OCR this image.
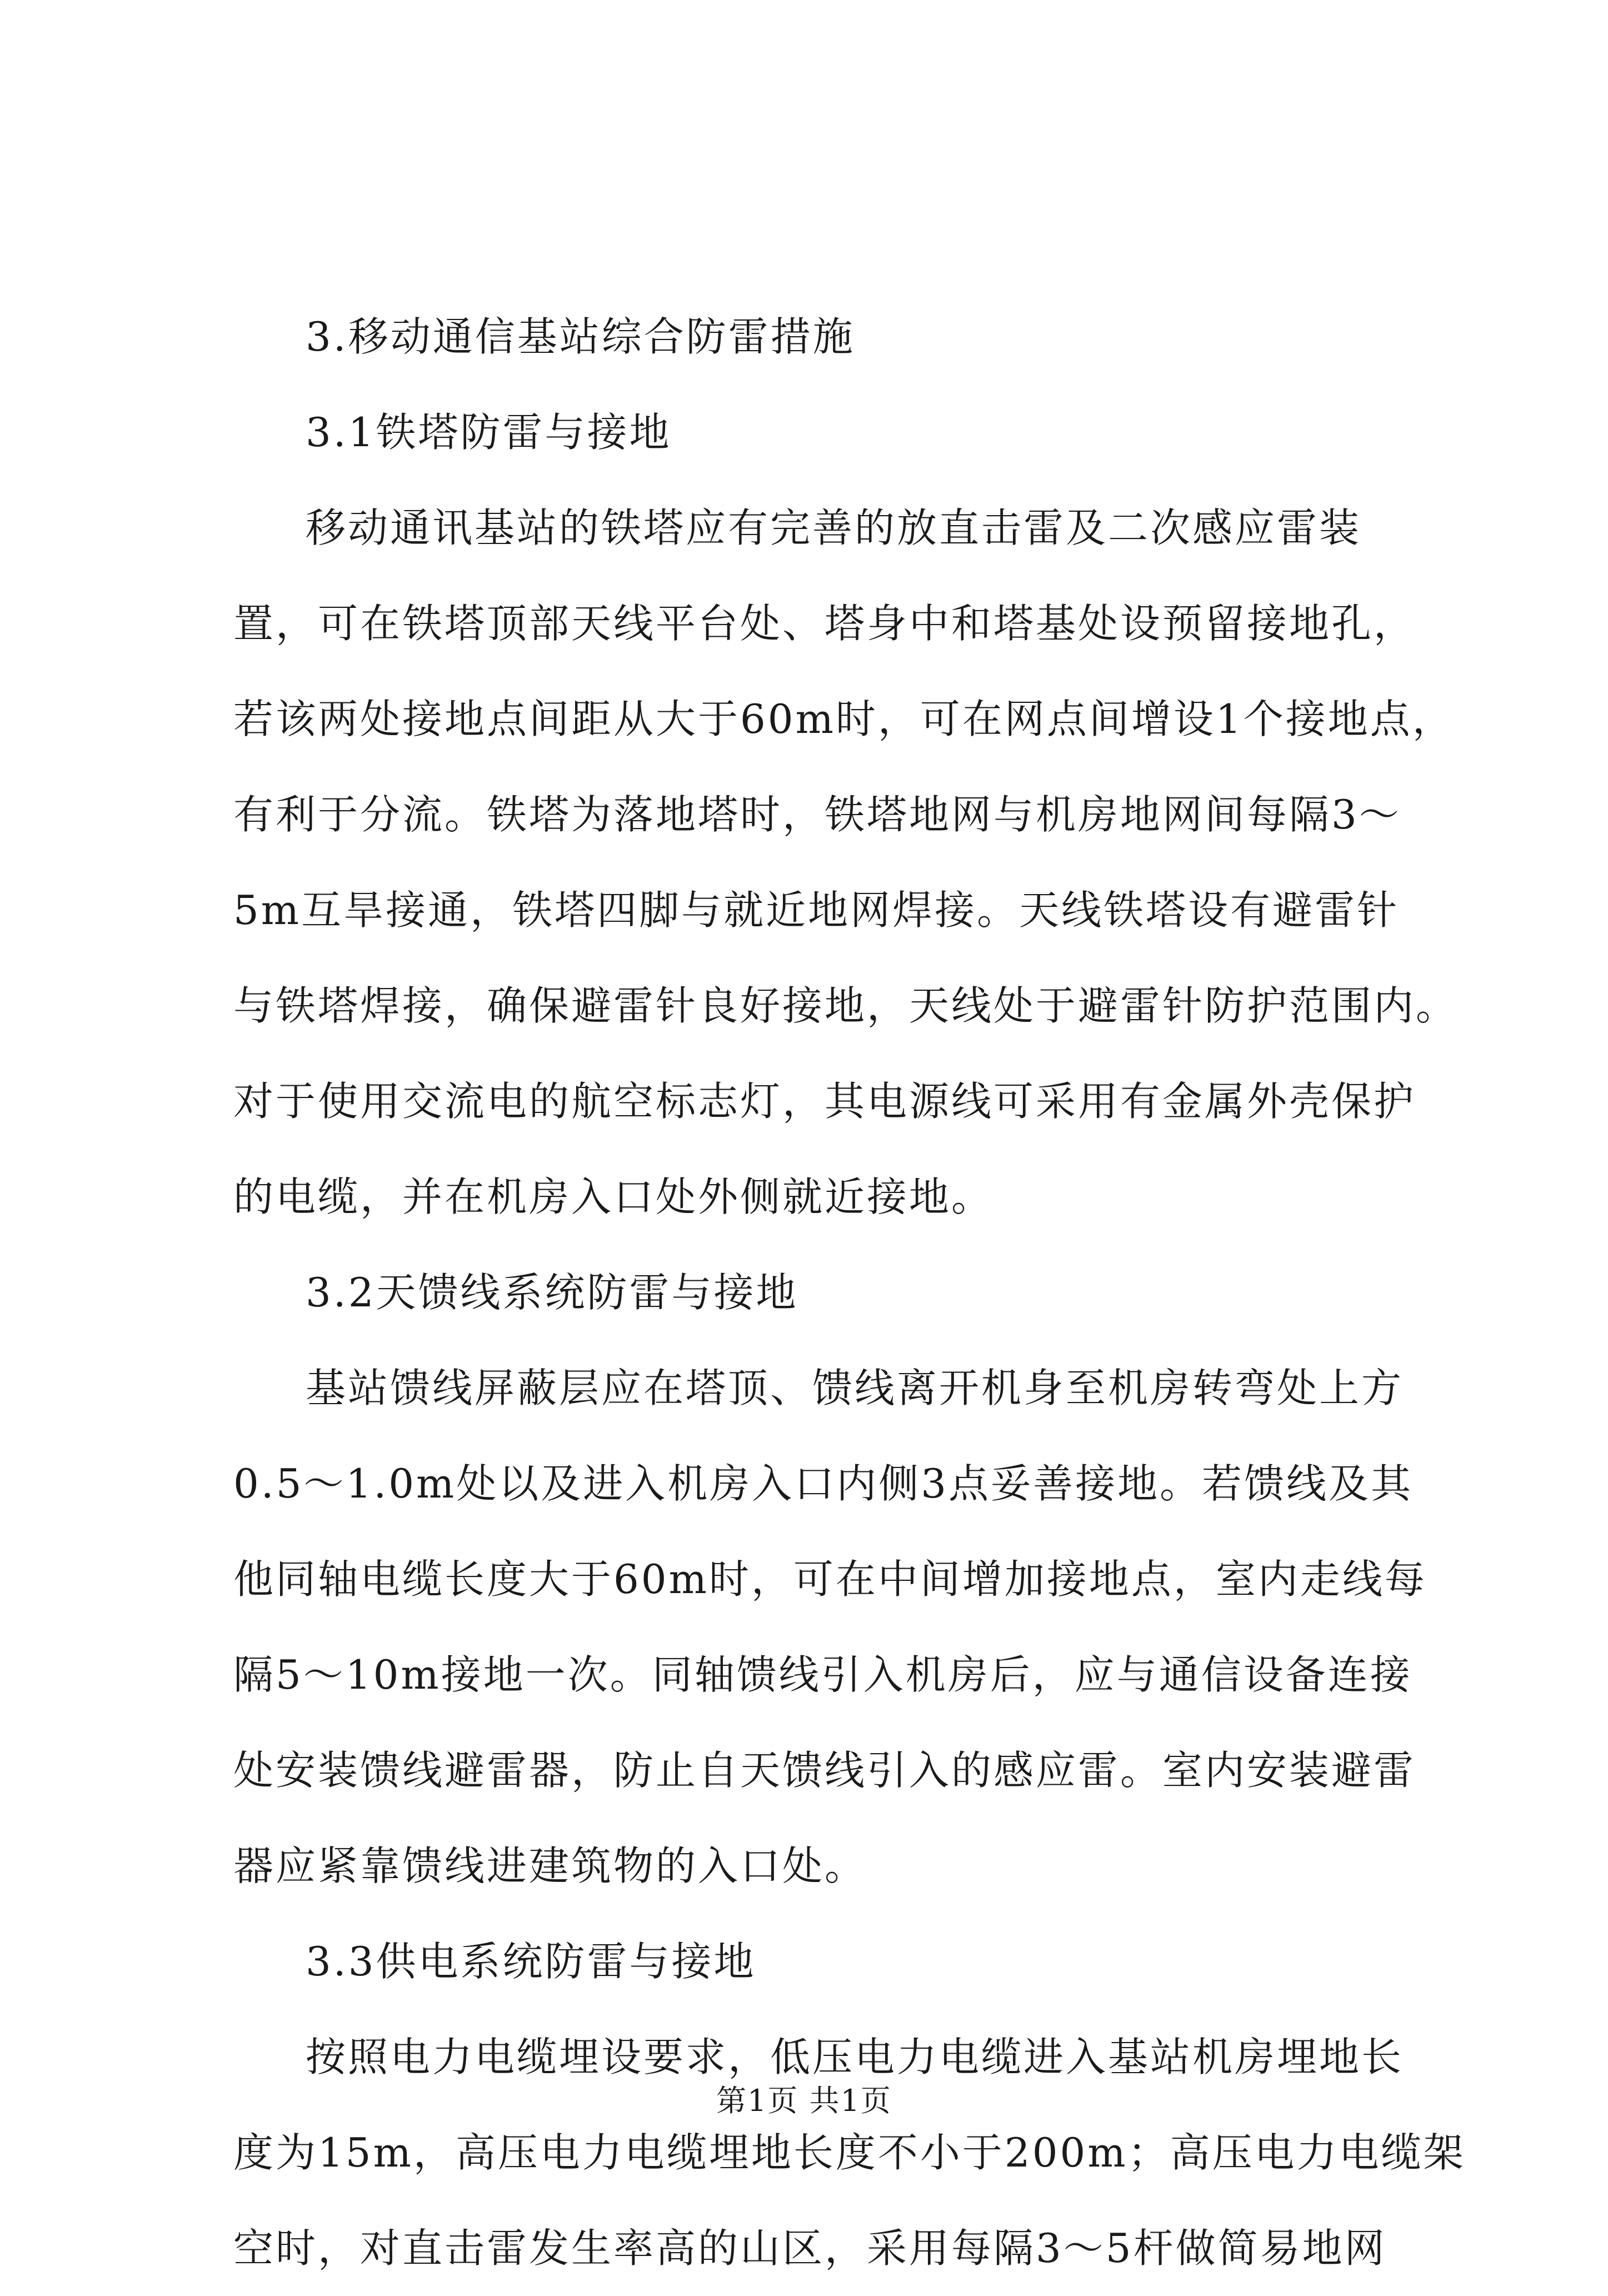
3.移动通信基站综合防雷措施
3.1铁塔防雷与接地
移动通讯基站的铁塔应有完善的放直击雷及二次感应雷装
置，可在铁塔顶部天线平台处、塔身中和塔基处设预留接地孔，
若该两处接地点间距从大于60m时，可在网点间增设1个接地点，
有利于分流。铁塔为落地塔时，铁塔地网与机房地网间每隔3～
5m互旱接通，铁塔四脚与就近地网焊接。天线铁塔设有避雷针
与铁塔焊接，确保避雷针良好接地，天线处于避雷针防护范围内。
对于使用交流电的航空标志灯，其电源线可采用有金属外壳保护
的电缆，并在机房入口处外侧就近接地。
3.2天馈线系统防雷与接地
基站馈线屏蔽层应在塔顶、馈线离开机身至机房转弯处上方
0.5～1.0m处以及进入机房入口内侧3点妥善接地。若馈线及其
他同轴电缆长度大于60m时，可在中间增加接地点，室内走线每
隔5～10m接地一次。同轴馈线引入机房后，应与通信设备连接
处安装馈线避雷器，防止自天馈线引入的感应雷。室内安装避雷
器应紧靠馈线进建筑物的入口处。
3.3供电系统防雷与接地
按照电力电缆埋设要求，低压电力电缆进入基站机房埋地长
度为15m，高压电力电缆埋地长度不小于200m；高压电力电缆架
空时，对直击雷发生率高的山区，采用每隔3～5杆做简易地网
第1页 共1页
